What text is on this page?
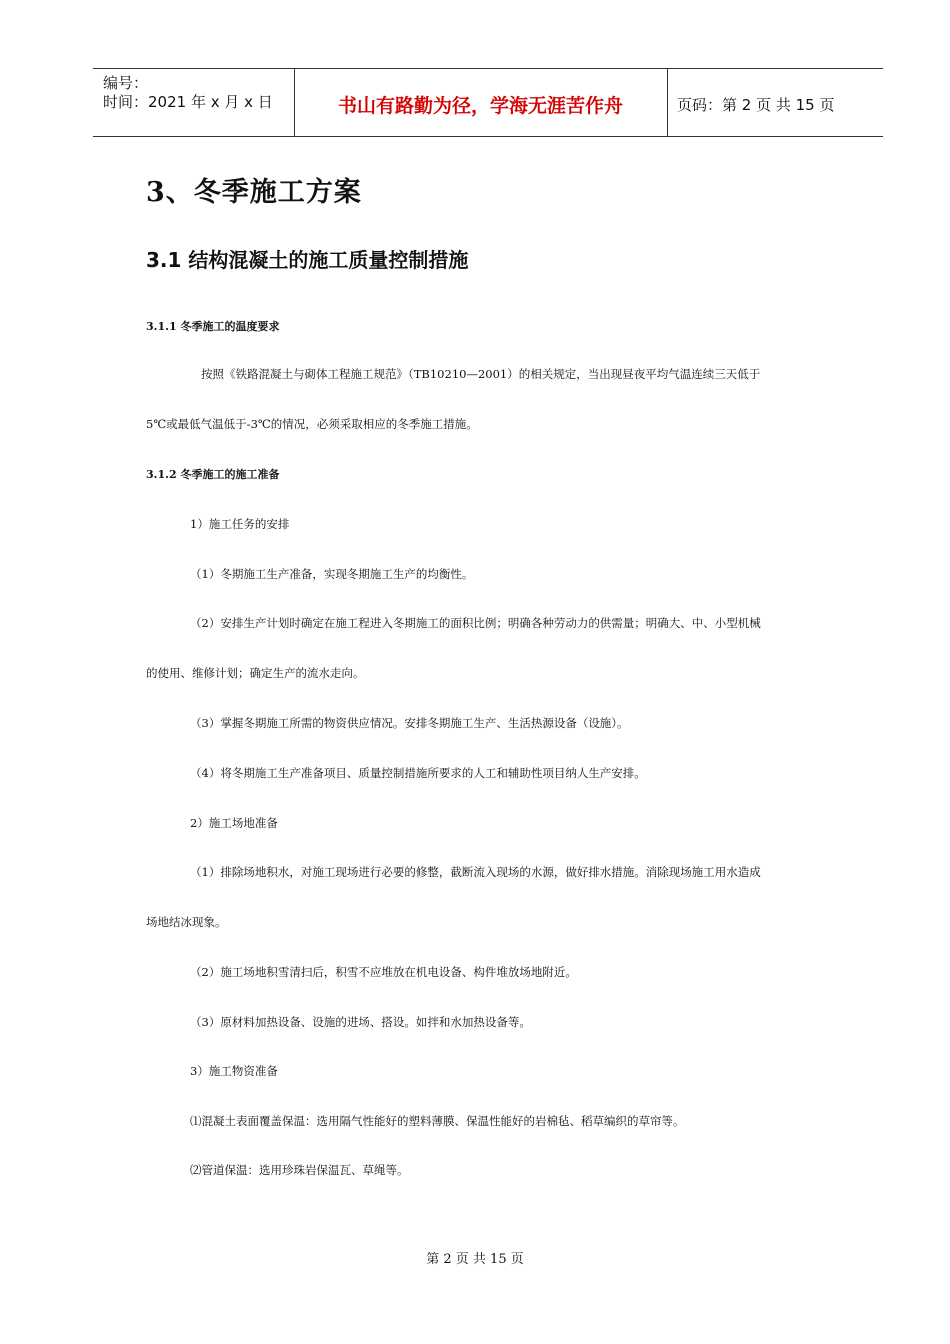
编号：
时间：2021 年 x 月 x 日	书山有路勤为径，学海无涯苦作舟	页码：第 2 页 共 15 页
3、冬季施工方案
3.1 结构混凝土的施工质量控制措施
3.1.1 冬季施工的温度要求
按照《铁路混凝土与砌体工程施工规范》（TB10210—2001）的相关规定，当出现昼夜平均气温连续三天低于
5℃或最低气温低于-3℃的情况，必须采取相应的冬季施工措施。
3.1.2 冬季施工的施工准备
1）施工任务的安排
（1）冬期施工生产准备，实现冬期施工生产的均衡性。
（2）安排生产计划时确定在施工程进入冬期施工的面积比例；明确各种劳动力的供需量；明确大、中、小型机械
的使用、维修计划；确定生产的流水走向。
（3）掌握冬期施工所需的物资供应情况。安排冬期施工生产、生活热源设备（设施）。
（4）将冬期施工生产准备项目、质量控制措施所要求的人工和辅助性项目纳人生产安排。
2）施工场地准备
（1）排除场地积水，对施工现场进行必要的修整，截断流入现场的水源，做好排水措施。消除现场施工用水造成
场地结冰现象。
（2）施工场地积雪清扫后，积雪不应堆放在机电设备、构件堆放场地附近。
（3）原材料加热设备、设施的进场、搭设。如拌和水加热设备等。
3）施工物资准备
⑴混凝土表面覆盖保温：选用隔气性能好的塑料薄膜、保温性能好的岩棉毡、稻草编织的草帘等。
⑵管道保温：选用珍珠岩保温瓦、草绳等。
第 2 页 共 15 页
